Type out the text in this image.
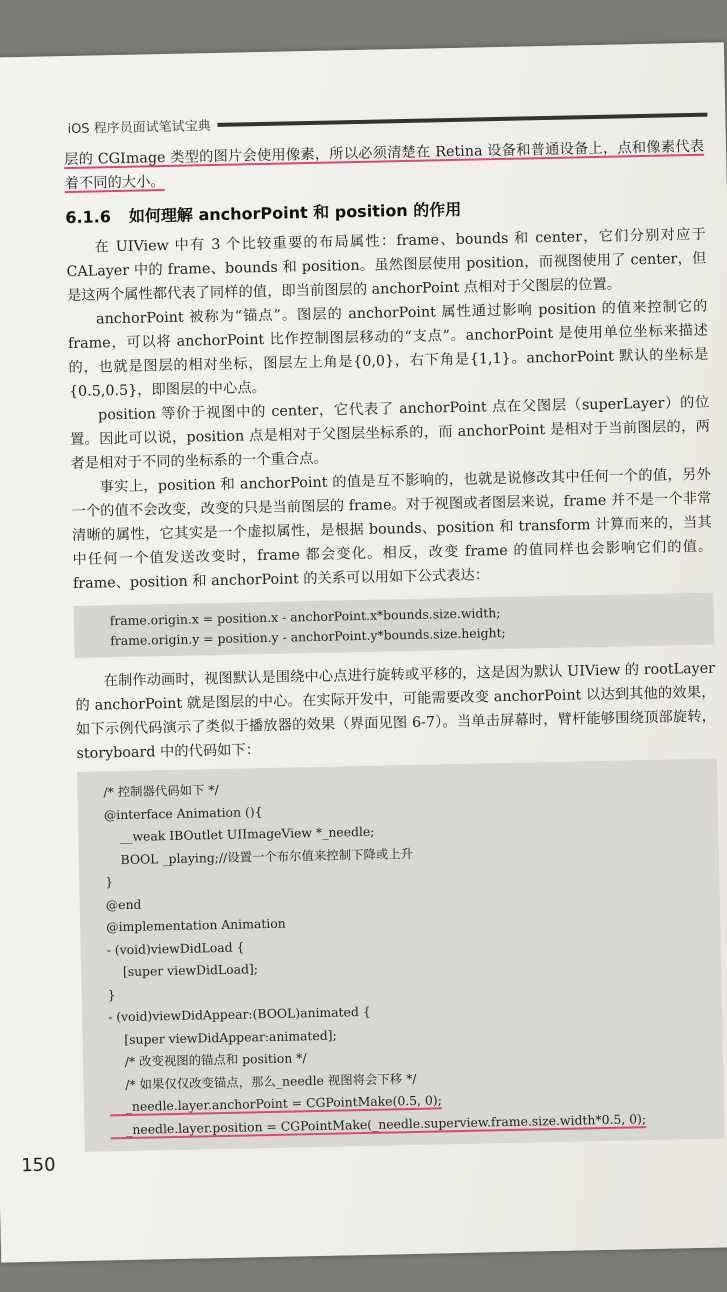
iOS 程序员面试笔试宝典

层的 CGImage 类型的图片会使用像素，所以必须清楚在 Retina 设备和普通设备上，点和像素代表着不同的大小。

6.1.6 如何理解 anchorPoint 和 position 的作用

在 UIView 中有 3 个比较重要的布局属性：frame、bounds 和 center，它们分别对应于 CALayer 中的 frame、bounds 和 position。虽然图层使用 position，而视图使用了 center，但是这两个属性都代表了同样的值，即当前图层的 anchorPoint 点相对于父图层的位置。

anchorPoint 被称为“锚点”。图层的 anchorPoint 属性通过影响 position 的值来控制它的 frame，可以将 anchorPoint 比作控制图层移动的“支点”。anchorPoint 是使用单位坐标来描述的，也就是图层的相对坐标，图层左上角是{0,0}，右下角是{1,1}。anchorPoint 默认的坐标是{0.5,0.5}，即图层的中心点。

position 等价于视图中的 center，它代表了 anchorPoint 点在父图层（superLayer）的位置。因此可以说，position 点是相对于父图层坐标系的，而 anchorPoint 是相对于当前图层的，两者是相对于不同的坐标系的一个重合点。

事实上，position 和 anchorPoint 的值是互不影响的，也就是说修改其中任何一个的值，另外一个的值不会改变，改变的只是当前图层的 frame。对于视图或者图层来说，frame 并不是一个非常清晰的属性，它其实是一个虚拟属性，是根据 bounds、position 和 transform 计算而来的，当其中任何一个值发送改变时，frame 都会变化。相反，改变 frame 的值同样也会影响它们的值。frame、position 和 anchorPoint 的关系可以用如下公式表达：

frame.origin.x = position.x - anchorPoint.x*bounds.size.width;
frame.origin.y = position.y - anchorPoint.y*bounds.size.height;

在制作动画时，视图默认是围绕中心点进行旋转或平移的，这是因为默认 UIView 的 rootLayer 的 anchorPoint 就是图层的中心。在实际开发中，可能需要改变 anchorPoint 以达到其他的效果，如下示例代码演示了类似于播放器的效果（界面见图 6-7）。当单击屏幕时，臂杆能够围绕顶部旋转，storyboard 中的代码如下：

/* 控制器代码如下 */
@interface Animation (){
__weak IBOutlet UIImageView *_needle;
BOOL _playing;//设置一个布尔值来控制下降或上升
}
@end
@implementation Animation
- (void)viewDidLoad {
[super viewDidLoad];
}
- (void)viewDidAppear:(BOOL)animated {
[super viewDidAppear:animated];
/* 改变视图的锚点和 position */
/* 如果仅仅改变锚点，那么_needle 视图将会下移 */
_needle.layer.anchorPoint = CGPointMake(0.5, 0);
_needle.layer.position = CGPointMake(_needle.superview.frame.size.width*0.5, 0);
150
